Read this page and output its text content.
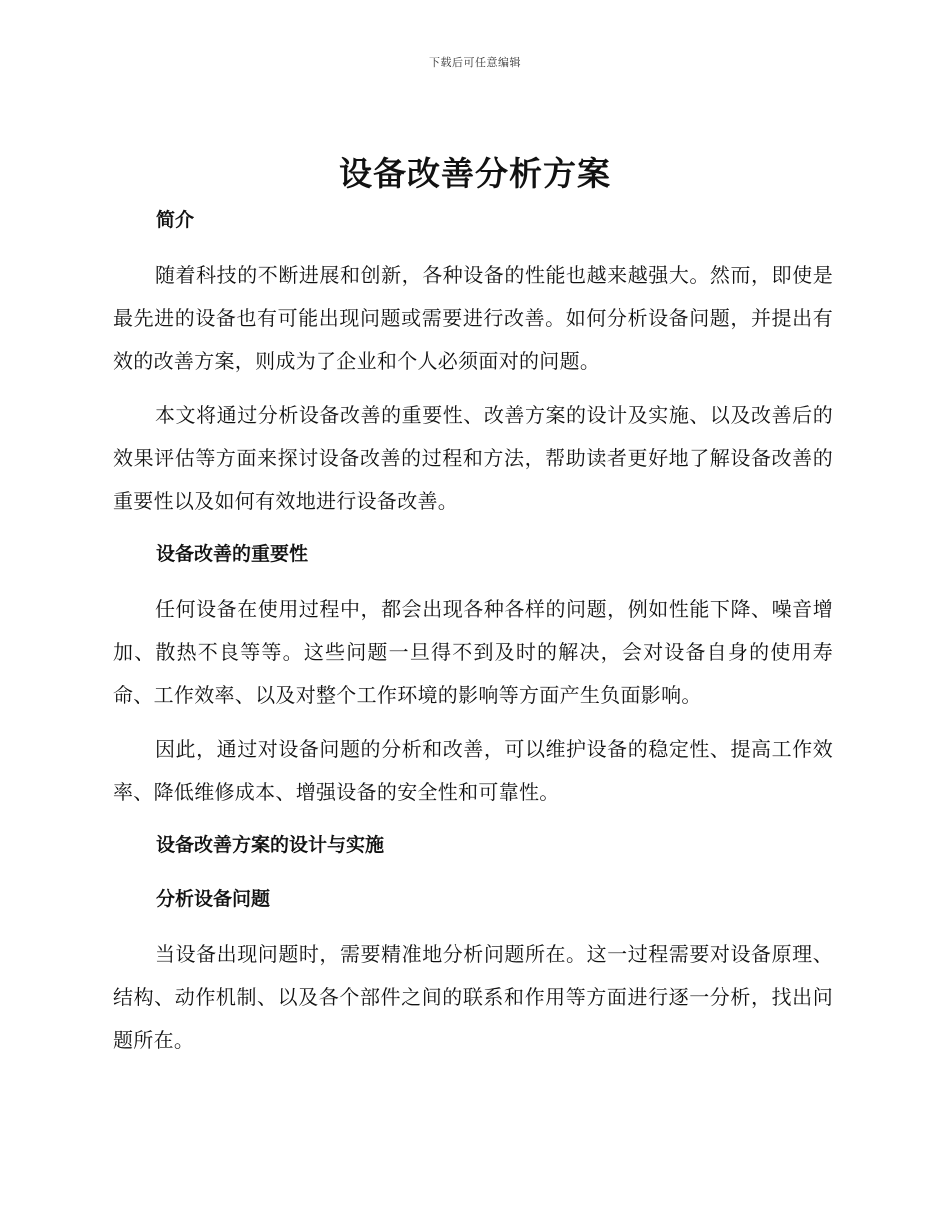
下载后可任意编辑
设备改善分析方案
简介

随着科技的不断进展和创新，各种设备的性能也越来越强大。然而，即使是最先进的设备也有可能出现问题或需要进行改善。如何分析设备问题，并提出有效的改善方案，则成为了企业和个人必须面对的问题。

本文将通过分析设备改善的重要性、改善方案的设计及实施、以及改善后的效果评估等方面来探讨设备改善的过程和方法，帮助读者更好地了解设备改善的重要性以及如何有效地进行设备改善。

设备改善的重要性

任何设备在使用过程中，都会出现各种各样的问题，例如性能下降、噪音增加、散热不良等等。这些问题一旦得不到及时的解决，会对设备自身的使用寿命、工作效率、以及对整个工作环境的影响等方面产生负面影响。

因此，通过对设备问题的分析和改善，可以维护设备的稳定性、提高工作效率、降低维修成本、增强设备的安全性和可靠性。

设备改善方案的设计与实施
分析设备问题

当设备出现问题时，需要精准地分析问题所在。这一过程需要对设备原理、结构、动作机制、以及各个部件之间的联系和作用等方面进行逐一分析，找出问题所在。
